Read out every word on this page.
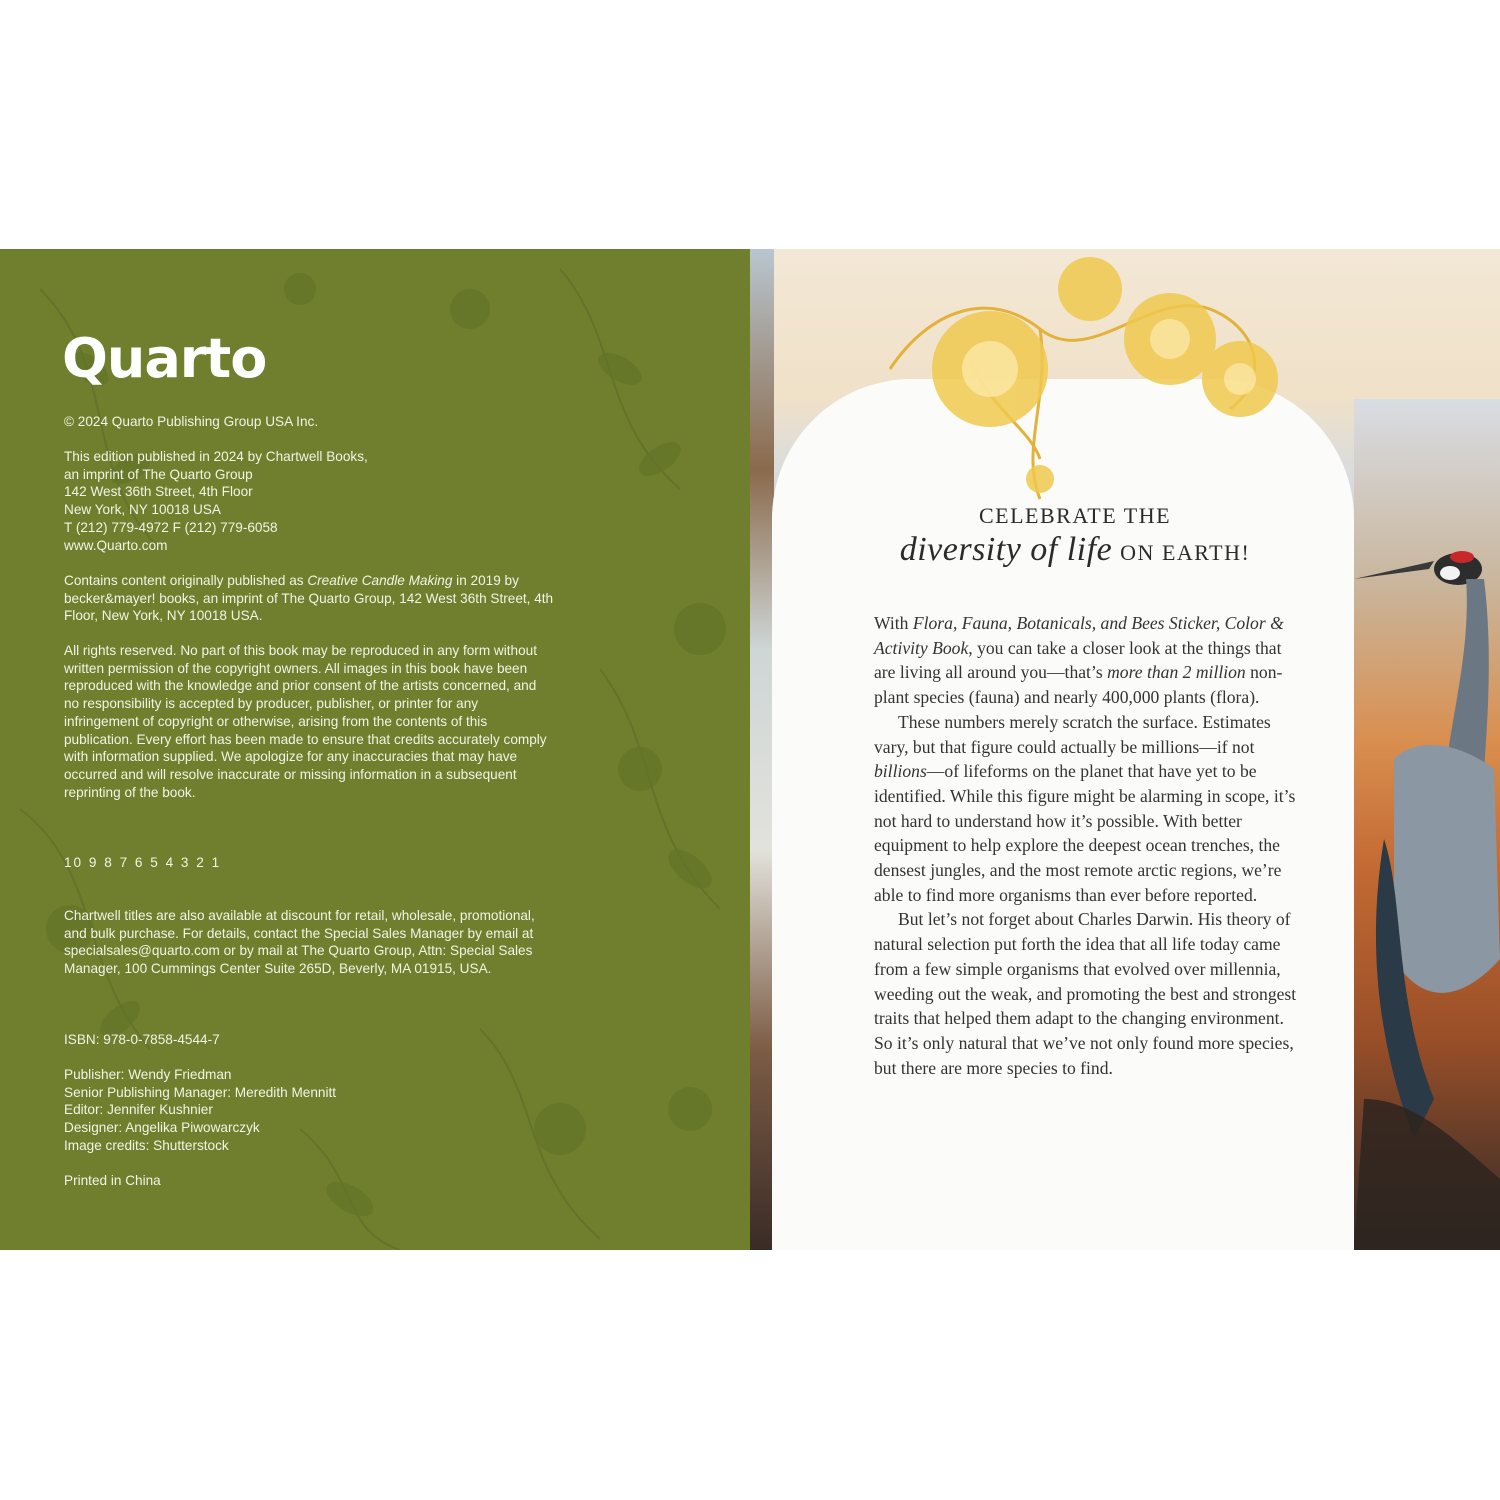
Quarto

© 2024 Quarto Publishing Group USA Inc.

This edition published in 2024 by Chartwell Books,
an imprint of The Quarto Group
142 West 36th Street, 4th Floor
New York, NY 10018 USA
T (212) 779-4972 F (212) 779-6058
www.Quarto.com

Contains content originally published as Creative Candle Making in 2019 by becker&mayer! books, an imprint of The Quarto Group, 142 West 36th Street, 4th Floor, New York, NY 10018 USA.

All rights reserved. No part of this book may be reproduced in any form without written permission of the copyright owners. All images in this book have been reproduced with the knowledge and prior consent of the artists concerned, and no responsibility is accepted by producer, publisher, or printer for any infringement of copyright or otherwise, arising from the contents of this publication. Every effort has been made to ensure that credits accurately comply with information supplied. We apologize for any inaccuracies that may have occurred and will resolve inaccurate or missing information in a subsequent reprinting of the book.

10 9 8 7 6 5 4 3 2 1

Chartwell titles are also available at discount for retail, wholesale, promotional, and bulk purchase. For details, contact the Special Sales Manager by email at specialsales@quarto.com or by mail at The Quarto Group, Attn: Special Sales Manager, 100 Cummings Center Suite 265D, Beverly, MA 01915, USA.

ISBN: 978-0-7858-4544-7

Publisher: Wendy Friedman
Senior Publishing Manager: Meredith Mennitt
Editor: Jennifer Kushnier
Designer: Angelika Piwowarczyk
Image credits: Shutterstock

Printed in China

CELEBRATE THE
diversity of life ON EARTH!

With Flora, Fauna, Botanicals, and Bees Sticker, Color & Activity Book, you can take a closer look at the things that are living all around you—that’s more than 2 million non-plant species (fauna) and nearly 400,000 plants (flora).

These numbers merely scratch the surface. Estimates vary, but that figure could actually be millions—if not billions—of lifeforms on the planet that have yet to be identified. While this figure might be alarming in scope, it’s not hard to understand how it’s possible. With better equipment to help explore the deepest ocean trenches, the densest jungles, and the most remote arctic regions, we’re able to find more organisms than ever before reported.

But let’s not forget about Charles Darwin. His theory of natural selection put forth the idea that all life today came from a few simple organisms that evolved over millennia, weeding out the weak, and promoting the best and strongest traits that helped them adapt to the changing environment. So it’s only natural that we’ve not only found more species, but there are more species to find.
